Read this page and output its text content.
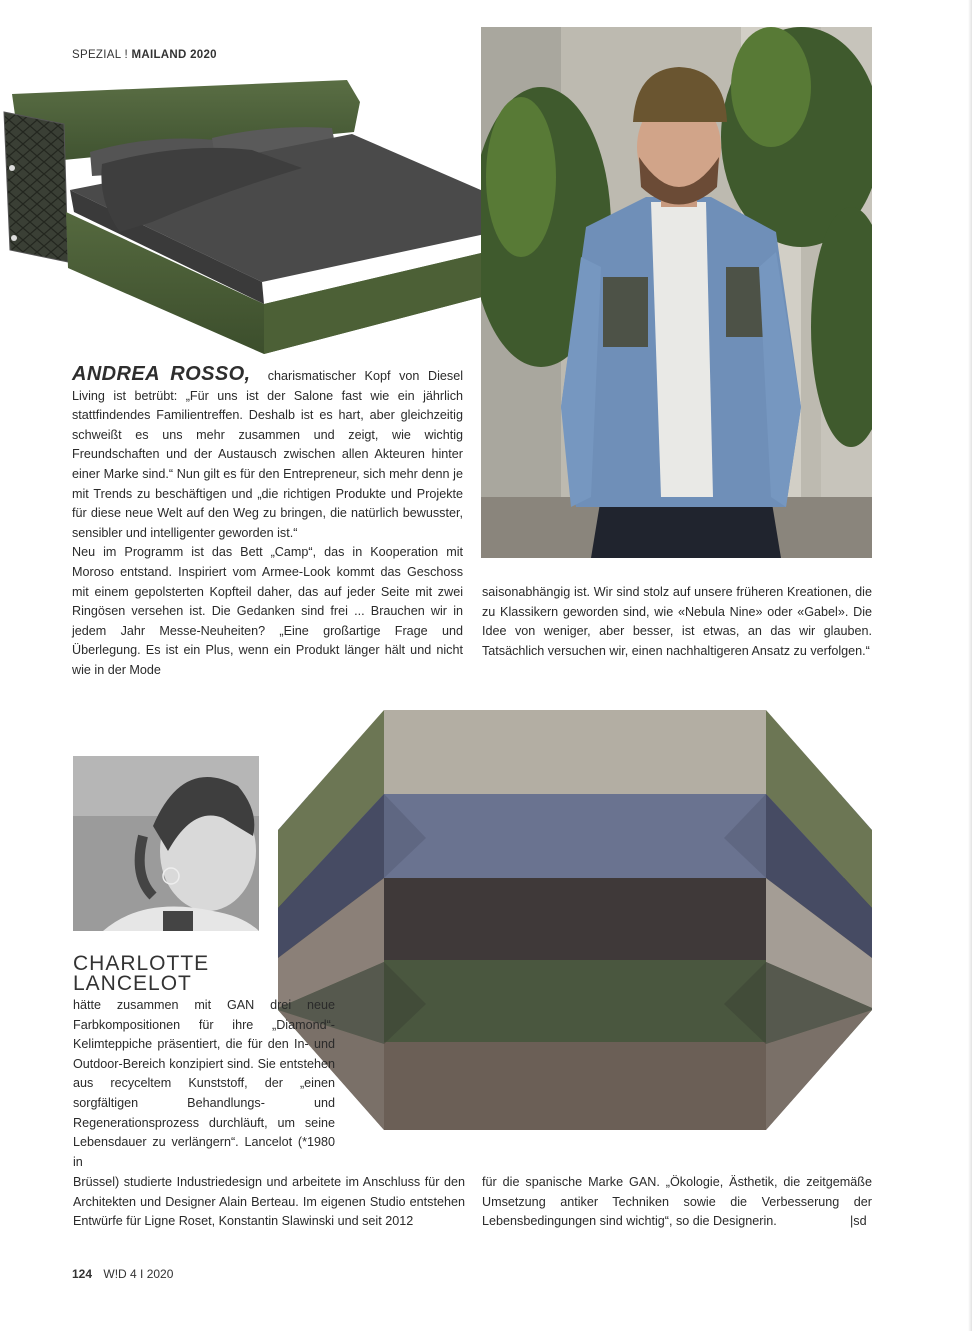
SPEZIAL ! MAILAND 2020

ANDREA ROSSO, charismatischer Kopf von Diesel Living ist betrübt: „Für uns ist der Salone fast wie ein jährlich stattfindendes Familientreffen. Deshalb ist es hart, aber gleichzeitig schweißt es uns mehr zusammen und zeigt, wie wichtig Freundschaften und der Austausch zwischen allen Akteuren hinter einer Marke sind.“ Nun gilt es für den Entrepreneur, sich mehr denn je mit Trends zu beschäftigen und „die richtigen Produkte und Projekte für diese neue Welt auf den Weg zu bringen, die natürlich bewusster, sensibler und intelligenter geworden ist.“

Neu im Programm ist das Bett „Camp“, das in Kooperation mit Moroso entstand. Inspiriert vom Armee-Look kommt das Geschoss mit einem gepolsterten Kopfteil daher, das auf jeder Seite mit zwei Ringösen versehen ist. Die Gedanken sind frei ... Brauchen wir in jedem Jahr Messe-Neuheiten? „Eine großartige Frage und Überlegung. Es ist ein Plus, wenn ein Produkt länger hält und nicht wie in der Mode

saisonabhängig ist. Wir sind stolz auf unsere früheren Kreationen, die zu Klassikern geworden sind, wie «Nebula Nine» oder «Gabel». Die Idee von weniger, aber besser, ist etwas, an das wir glauben. Tatsächlich versuchen wir, einen nachhaltigeren Ansatz zu verfolgen.“

CHARLOTTE
LANCELOT

hätte zusammen mit GAN drei neue Farbkompositionen für ihre „Diamond“-Kelimteppiche präsentiert, die für den In- und Outdoor-Bereich konzipiert sind. Sie entstehen aus recyceltem Kunststoff, der „einen sorgfältigen Behandlungs- und Regenerationsprozess durchläuft, um seine Lebensdauer zu verlängern“. Lancelot (*1980 in

Brüssel) studierte Industriedesign und arbeitete im Anschluss für den Architekten und Designer Alain Berteau. Im eigenen Studio entstehen Entwürfe für Ligne Roset, Konstantin Slawinski und seit 2012

für die spanische Marke GAN. „Ökologie, Ästhetik, die zeitgemäße Umsetzung antiker Techniken sowie die Verbesserung der Lebensbedingungen sind wichtig“, so die Designerin.	|sd
124 W!D 4 I 2020
